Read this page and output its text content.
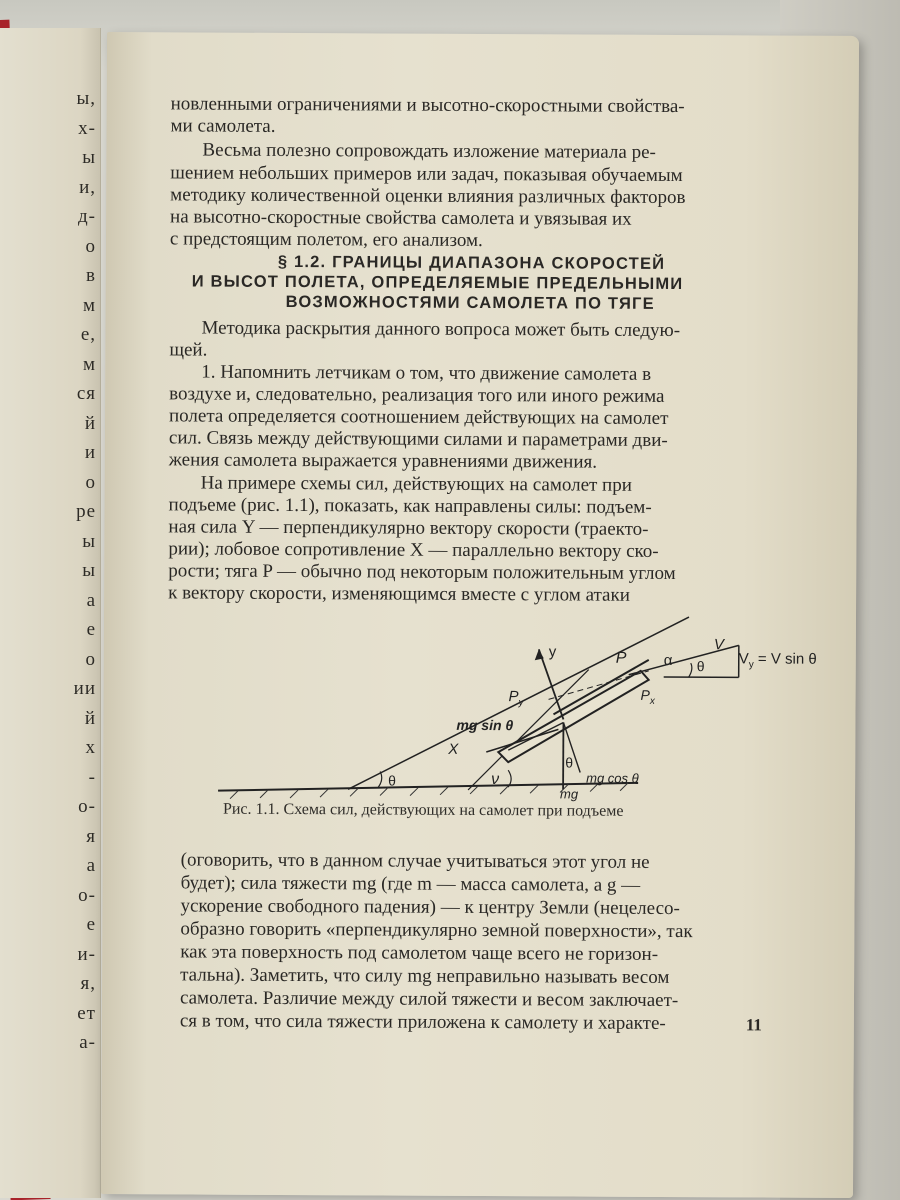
ы,
х-
ы
и,
д-
о
в
м
е,
м
ся
й
и
о
ре
ы
ы
а
е
о
ии
й
х
-
о-
я
а
о-
е
и-
я,
ет
а-
новленными ограничениями и высотно-скоростными свойства-
ми самолета.
Весьма полезно сопровождать изложение материала ре-
шением небольших примеров или задач, показывая обучаемым
методику количественной оценки влияния различных факторов
на высотно-скоростные свойства самолета и увязывая их
с предстоящим полетом, его анализом.
§ 1.2. ГРАНИЦЫ ДИАПАЗОНА СКОРОСТЕЙ
И ВЫСОТ ПОЛЕТА, ОПРЕДЕЛЯЕМЫЕ ПРЕДЕЛЬНЫМИ
ВОЗМОЖНОСТЯМИ САМОЛЕТА ПО ТЯГЕ
Методика раскрытия данного вопроса может быть следую-
щей.
1. Напомнить летчикам о том, что движение самолета в
воздухе и, следовательно, реализация того или иного режима
полета определяется соотношением действующих на самолет
сил. Связь между действующими силами и параметрами дви-
жения самолета выражается уравнениями движения.
На примере схемы сил, действующих на самолет при
подъеме (рис. 1.1), показать, как направлены силы: подъем-
ная сила Y — перпендикулярно вектору скорости (траекто-
рии); лобовое сопротивление X — параллельно вектору ско-
рости; тяга P — обычно под некоторым положительным углом
к вектору скорости, изменяющимся вместе с углом атаки
y	P
V
α θ $V_y = V$ sin θ
$P_y$	$P_x$
mg sin θ
X
θ
mg cos θ
mg
θ	ν
Рис. 1.1. Схема сил, действующих на самолет при подъеме
(оговорить, что в данном случае учитываться этот угол не
будет); сила тяжести mg (где m — масса самолета, а g —
ускорение свободного падения) — к центру Земли (нецелесо-
образно говорить «перпендикулярно земной поверхности», так
как эта поверхность под самолетом чаще всего не горизон-
тальна). Заметить, что силу mg неправильно называть весом
самолета. Различие между силой тяжести и весом заключает-
ся в том, что сила тяжести приложена к самолету и характе-	11
